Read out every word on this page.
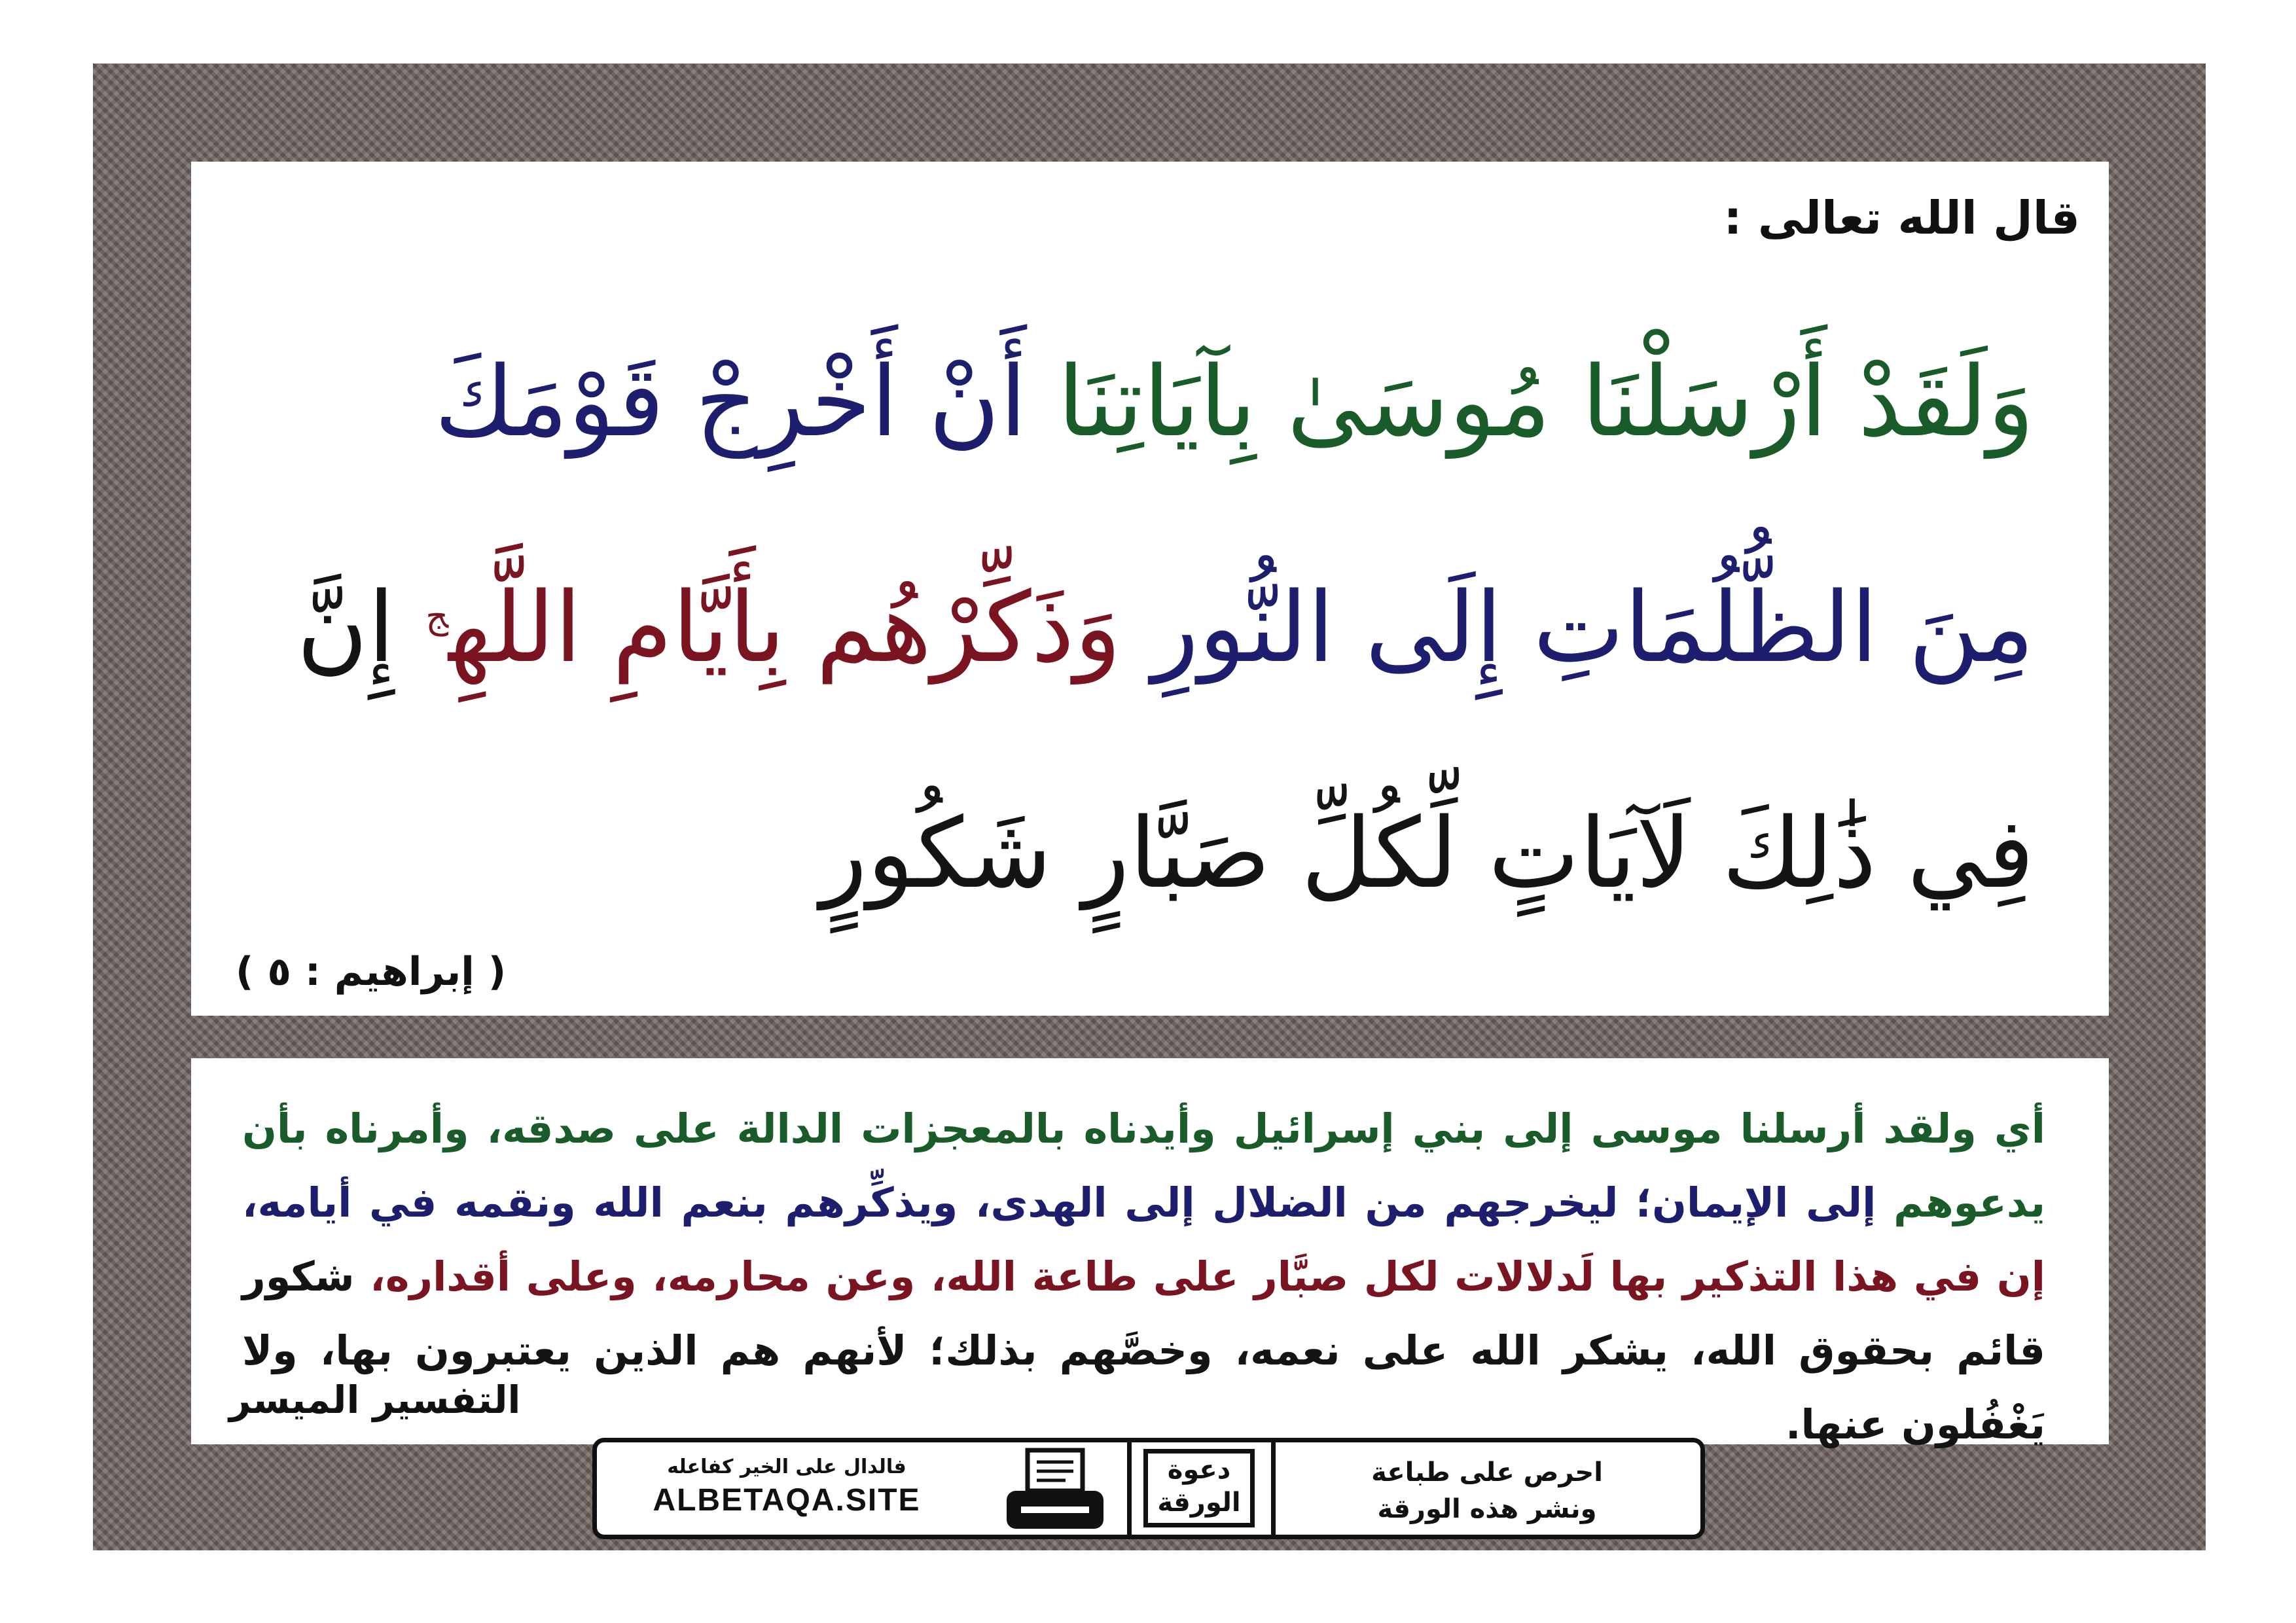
قال الله تعالى :
وَلَقَدْ أَرْسَلْنَا مُوسَىٰ بِآيَاتِنَا أَنْ أَخْرِجْ قَوْمَكَ
مِنَ الظُّلُمَاتِ إِلَى النُّورِ وَذَكِّرْهُم بِأَيَّامِ اللَّهِ$^ج$ إِنَّ
فِي ذَٰلِكَ لَآيَاتٍ لِّكُلِّ صَبَّارٍ شَكُورٍ
( إبراهيم : ٥ )
أي ولقد أرسلنا موسى إلى بني إسرائيل وأيدناه بالمعجزات الدالة على صدقه، وأمرناه بأن يدعوهم إلى الإيمان؛ ليخرجهم من الضلال إلى الهدى، ويذكِّرهم بنعم الله ونقمه في أيامه، إن في هذا التذكير بها لَدلالات لكل صبَّار على طاعة الله، وعن محارمه، وعلى أقداره، شكور قائم بحقوق الله، يشكر الله على نعمه، وخصَّهم بذلك؛ لأنهم هم الذين يعتبرون بها، ولا يَغْفُلون عنها.
التفسير الميسر
فالدال على الخير كفاعله
ALBETAQA.SITE
دعوة
الورقة
احرص على طباعة
ونشر هذه الورقة
